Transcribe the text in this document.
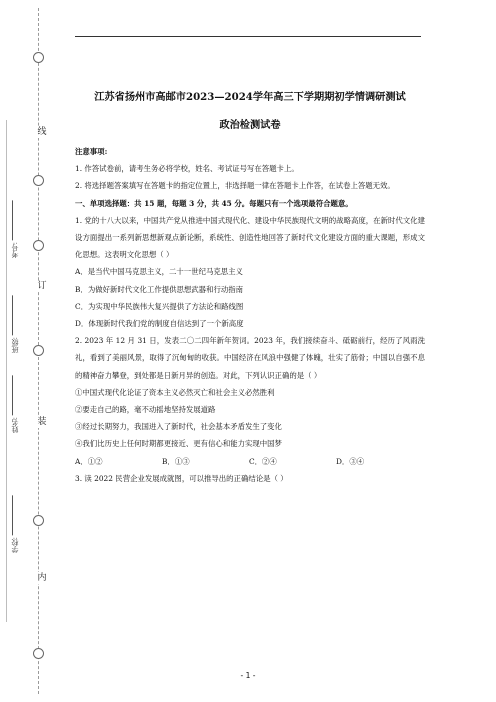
线
订
装
内
考号:
班级:
姓名:
学校:

江苏省扬州市高邮市2023—2024学年高三下学期期初学情调研测试

政治检测试卷

注意事项:

1. 作答试卷前，请考生务必将学校，姓名、考试证号写在答题卡上。

2. 将选择题答案填写在答题卡的指定位置上，非选择题一律在答题卡上作答，在试卷上答题无效。

一、单项选择题：共 15 题，每题 3 分，共 45 分。每题只有一个选项最符合题意。

1. 党的十八大以来，中国共产党从推进中国式现代化、建设中华民族现代文明的战略高度，在新时代文化建设方面提出一系列新思想新观点新论断，系统性、创造性地回答了新时代文化建设方面的重大课题，形成文化思想。这表明文化思想（ ）

A．是当代中国马克思主义，二十一世纪马克思主义

B．为做好新时代文化工作提供思想武器和行动指南

C．为实现中华民族伟大复兴提供了方法论和路线图

D．体现新时代我们党的制度自信达到了一个新高度

2. 2023 年 12 月 31 日，发表二〇二四年新年贺词。2023 年，我们接续奋斗、砥砺前行，经历了风雨洗礼，看到了美丽风景，取得了沉甸甸的收获。中国经济在风浪中强健了体魄，壮实了筋骨；中国以自强不息的精神奋力攀登，到处都是日新月异的创造。对此，下列认识正确的是（ ）

①中国式现代化论证了资本主义必然灭亡和社会主义必然胜利

②要走自己的路，毫不动摇地坚持发展道路

③经过长期努力，我国进入了新时代，社会基本矛盾发生了变化

④我们比历史上任何时期都更接近、更有信心和能力实现中国梦

A．①②	B．①③	C．②④	D．③④

3. 读 2022 民营企业发展成就图，可以推导出的正确结论是（ ）

- 1 -
